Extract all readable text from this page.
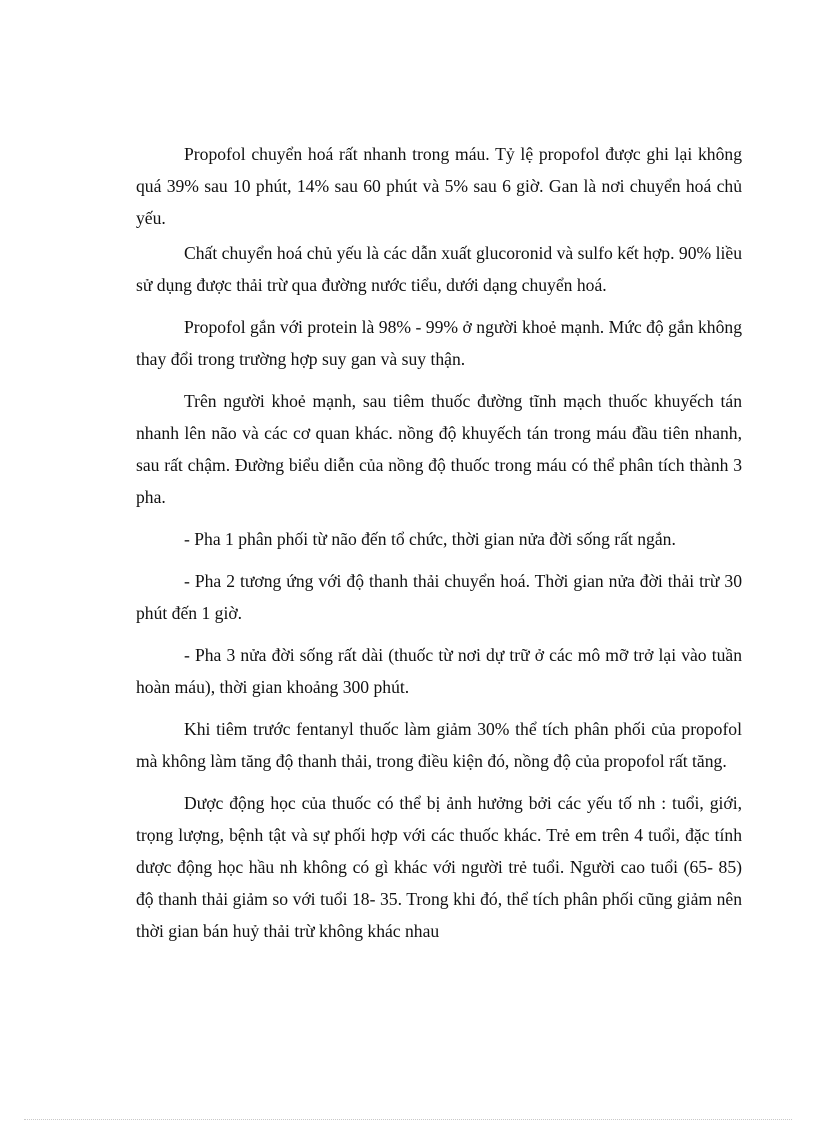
Propofol chuyển hoá rất nhanh trong máu. Tỷ lệ propofol được ghi lại không quá 39% sau 10 phút, 14% sau 60 phút và 5% sau 6 giờ. Gan là nơi chuyển hoá chủ yếu.

Chất chuyển hoá chủ yếu là các dẫn xuất glucoronid và sulfo kết hợp. 90% liều sử dụng được thải trừ qua đường nước tiểu, dưới dạng chuyển hoá.

Propofol gắn với protein là 98% - 99% ở người khoẻ mạnh. Mức độ gắn không thay đổi trong trường hợp suy gan và suy thận.

Trên người khoẻ mạnh, sau tiêm thuốc đường tĩnh mạch thuốc khuyếch tán nhanh lên não và các cơ quan khác. nồng độ khuyếch tán trong máu đầu tiên nhanh, sau rất chậm. Đường biểu diễn của nồng độ thuốc trong máu có thể phân tích thành 3 pha.

- Pha 1 phân phối từ não đến tổ chức, thời gian nửa đời sống rất ngắn.

- Pha 2 tương ứng với độ thanh thải chuyển hoá. Thời gian nửa đời thải trừ 30 phút đến 1 giờ.

- Pha 3 nửa đời sống rất dài (thuốc từ nơi dự trữ ở các mô mỡ trở lại vào tuần hoàn máu), thời gian khoảng 300 phút.

Khi tiêm trước fentanyl thuốc làm giảm 30% thể tích phân phối của propofol mà không làm tăng độ thanh thải, trong điều kiện đó, nồng độ của propofol rất tăng.

Dược động học của thuốc có thể bị ảnh hưởng bởi các yếu tố nh : tuổi, giới, trọng lượng, bệnh tật và sự phối hợp với các thuốc khác. Trẻ em trên 4 tuổi, đặc tính dược động học hầu nh không có gì khác với người trẻ tuổi. Người cao tuổi (65- 85) độ thanh thải giảm so với tuổi 18- 35. Trong khi đó, thể tích phân phối cũng giảm nên thời gian bán huỷ thải trừ không khác nhau
